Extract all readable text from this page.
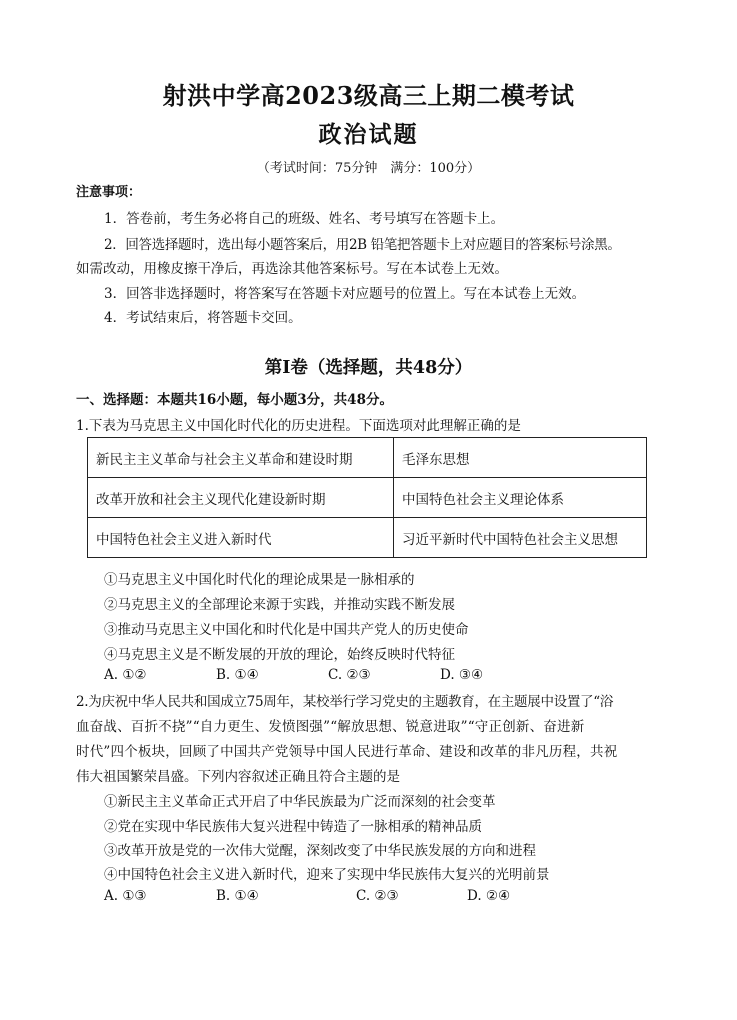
射洪中学高2023级高三上期二模考试
政治试题
（考试时间：75分钟　满分：100分）
注意事项：
1．答卷前，考生务必将自己的班级、姓名、考号填写在答题卡上。
2．回答选择题时，选出每小题答案后，用2B 铅笔把答题卡上对应题目的答案标号涂黑。
如需改动，用橡皮擦干净后，再选涂其他答案标号。写在本试卷上无效。
3．回答非选择题时，将答案写在答题卡对应题号的位置上。写在本试卷上无效。
4．考试结束后，将答题卡交回。
第Ⅰ卷（选择题，共48分）
一、选择题：本题共16小题，每小题3分，共48分。
1.下表为马克思主义中国化时代化的历史进程。下面选项对此理解正确的是
新民主主义革命与社会主义革命和建设时期	毛泽东思想
改革开放和社会主义现代化建设新时期	中国特色社会主义理论体系
中国特色社会主义进入新时代	习近平新时代中国特色社会主义思想
①马克思主义中国化时代化的理论成果是一脉相承的
②马克思主义的全部理论来源于实践，并推动实践不断发展
③推动马克思主义中国化和时代化是中国共产党人的历史使命
④马克思主义是不断发展的开放的理论，始终反映时代特征
A. ①②	B. ①④	C. ②③	D. ③④
2.为庆祝中华人民共和国成立75周年，某校举行学习党史的主题教育，在主题展中设置了“浴
血奋战、百折不挠”“自力更生、发愤图强”“解放思想、锐意进取”“守正创新、奋进新
时代”四个板块，回顾了中国共产党领导中国人民进行革命、建设和改革的非凡历程，共祝
伟大祖国繁荣昌盛。下列内容叙述正确且符合主题的是
①新民主主义革命正式开启了中华民族最为广泛而深刻的社会变革
②党在实现中华民族伟大复兴进程中铸造了一脉相承的精神品质
③改革开放是党的一次伟大觉醒，深刻改变了中华民族发展的方向和进程
④中国特色社会主义进入新时代，迎来了实现中华民族伟大复兴的光明前景
A. ①③	B. ①④	C. ②③	D. ②④
